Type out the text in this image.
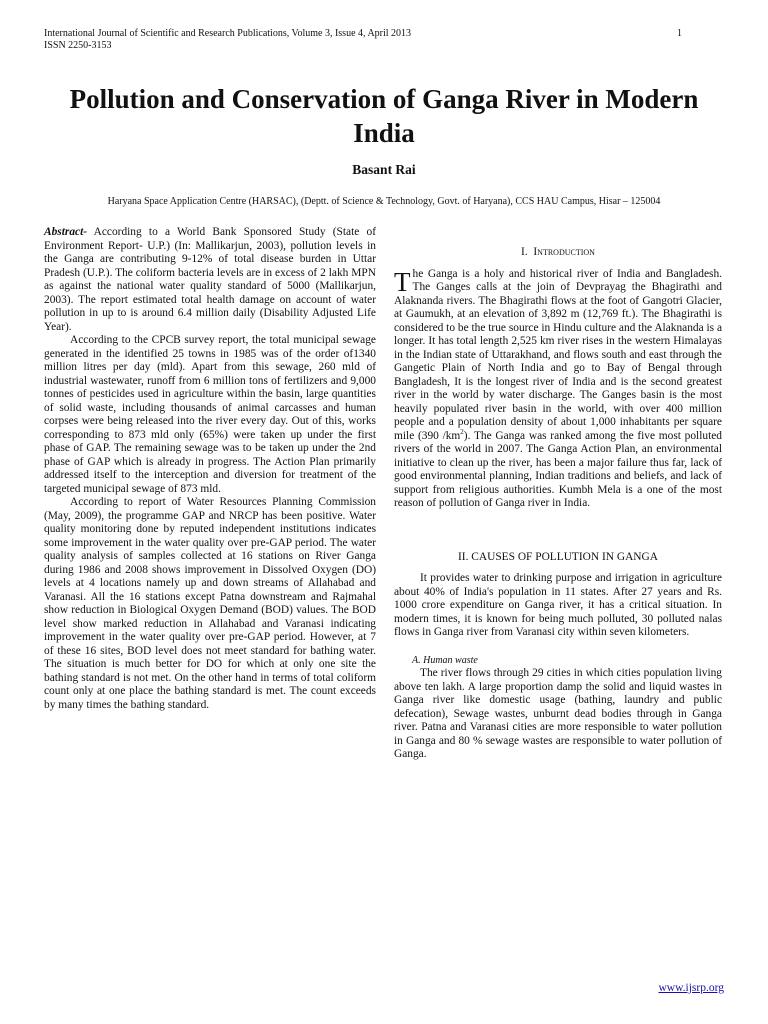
International Journal of Scientific and Research Publications, Volume 3, Issue 4, April 2013
ISSN 2250-3153
1
Pollution and Conservation of Ganga River in Modern India
Basant Rai
Haryana Space Application Centre (HARSAC), (Deptt. of Science & Technology, Govt. of Haryana), CCS HAU Campus, Hisar – 125004

Abstract- According to a World Bank Sponsored Study (State of Environment Report- U.P.) (In: Mallikarjun, 2003), pollution levels in the Ganga are contributing 9-12% of total disease burden in Uttar Pradesh (U.P.). The coliform bacteria levels are in excess of 2 lakh MPN as against the national water quality standard of 5000 (Mallikarjun, 2003). The report estimated total health damage on account of water pollution in up to is around 6.4 million daily (Disability Adjusted Life Year).

According to the CPCB survey report, the total municipal sewage generated in the identified 25 towns in 1985 was of the order of1340 million litres per day (mld). Apart from this sewage, 260 mld of industrial wastewater, runoff from 6 million tons of fertilizers and 9,000 tonnes of pesticides used in agriculture within the basin, large quantities of solid waste, including thousands of animal carcasses and human corpses were being released into the river every day. Out of this, works corresponding to 873 mld only (65%) were taken up under the first phase of GAP. The remaining sewage was to be taken up under the 2nd phase of GAP which is already in progress. The Action Plan primarily addressed itself to the interception and diversion for treatment of the targeted municipal sewage of 873 mld.

According to report of Water Resources Planning Commission (May, 2009), the programme GAP and NRCP has been positive. Water quality monitoring done by reputed independent institutions indicates some improvement in the water quality over pre-GAP period. The water quality analysis of samples collected at 16 stations on River Ganga during 1986 and 2008 shows improvement in Dissolved Oxygen (DO) levels at 4 locations namely up and down streams of Allahabad and Varanasi. All the 16 stations except Patna downstream and Rajmahal show reduction in Biological Oxygen Demand (BOD) values. The BOD level show marked reduction in Allahabad and Varanasi indicating improvement in the water quality over pre-GAP period. However, at 7 of these 16 sites, BOD level does not meet standard for bathing water. The situation is much better for DO for which at only one site the bathing standard is not met. On the other hand in terms of total coliform count only at one place the bathing standard is met. The count exceeds by many times the bathing standard.

I. Introduction

The Ganga is a holy and historical river of India and Bangladesh. The Ganges calls at the join of Devprayag the Bhagirathi and Alaknanda rivers. The Bhagirathi flows at the foot of Gangotri Glacier, at Gaumukh, at an elevation of 3,892 m (12,769 ft.). The Bhagirathi is considered to be the true source in Hindu culture and the Alaknanda is a longer. It has total length 2,525 km river rises in the western Himalayas in the Indian state of Uttarakhand, and flows south and east through the Gangetic Plain of North India and go to Bay of Bengal through Bangladesh, It is the longest river of India and is the second greatest river in the world by water discharge. The Ganges basin is the most heavily populated river basin in the world, with over 400 million people and a population density of about 1,000 inhabitants per square mile (390 $/km^2$). The Ganga was ranked among the five most polluted rivers of the world in 2007. The Ganga Action Plan, an environmental initiative to clean up the river, has been a major failure thus far, lack of good environmental planning, Indian traditions and beliefs, and lack of support from religious authorities. Kumbh Mela is a one of the most reason of pollution of Ganga river in India.

II. CAUSES OF POLLUTION IN GANGA

It provides water to drinking purpose and irrigation in agriculture about 40% of India's population in 11 states. After 27 years and Rs. 1000 crore expenditure on Ganga river, it has a critical situation. In modern times, it is known for being much polluted, 30 polluted nalas flows in Ganga river from Varanasi city within seven kilometers.

A. Human waste

The river flows through 29 cities in which cities population living above ten lakh. A large proportion damp the solid and liquid wastes in Ganga river like domestic usage (bathing, laundry and public defecation), Sewage wastes, unburnt dead bodies through in Ganga river. Patna and Varanasi cities are more responsible to water pollution in Ganga and 80 % sewage wastes are responsible to water pollution of Ganga.

www.ijsrp.org
